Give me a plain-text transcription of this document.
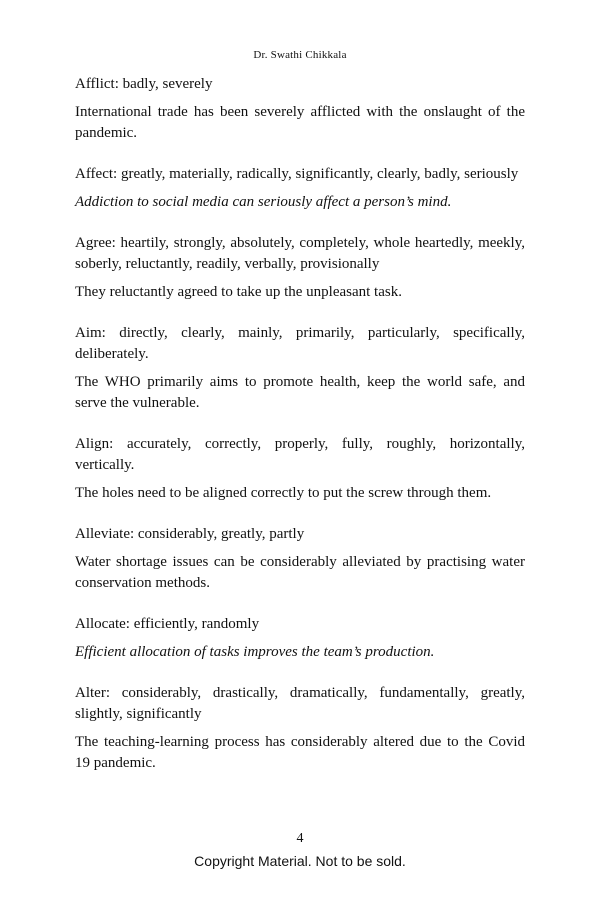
Dr. Swathi Chikkala

Afflict: badly, severely

International trade has been severely afflicted with the onslaught of the pandemic.

Affect: greatly, materially, radically, significantly, clearly, badly, seriously

Addiction to social media can seriously affect a person’s mind.

Agree: heartily, strongly, absolutely, completely, whole heartedly, meekly, soberly, reluctantly, readily, verbally, provisionally

They reluctantly agreed to take up the unpleasant task.

Aim: directly, clearly, mainly, primarily, particularly, specifically, deliberately.

The WHO primarily aims to promote health, keep the world safe, and serve the vulnerable.

Align: accurately, correctly, properly, fully, roughly, horizontally, vertically.

The holes need to be aligned correctly to put the screw through them.

Alleviate: considerably, greatly, partly

Water shortage issues can be considerably alleviated by practising water conservation methods.

Allocate: efficiently, randomly

Efficient allocation of tasks improves the team’s production.

Alter: considerably, drastically, dramatically, fundamentally, greatly, slightly, significantly

The teaching-learning process has considerably altered due to the Covid 19 pandemic.

4
Copyright Material. Not to be sold.
